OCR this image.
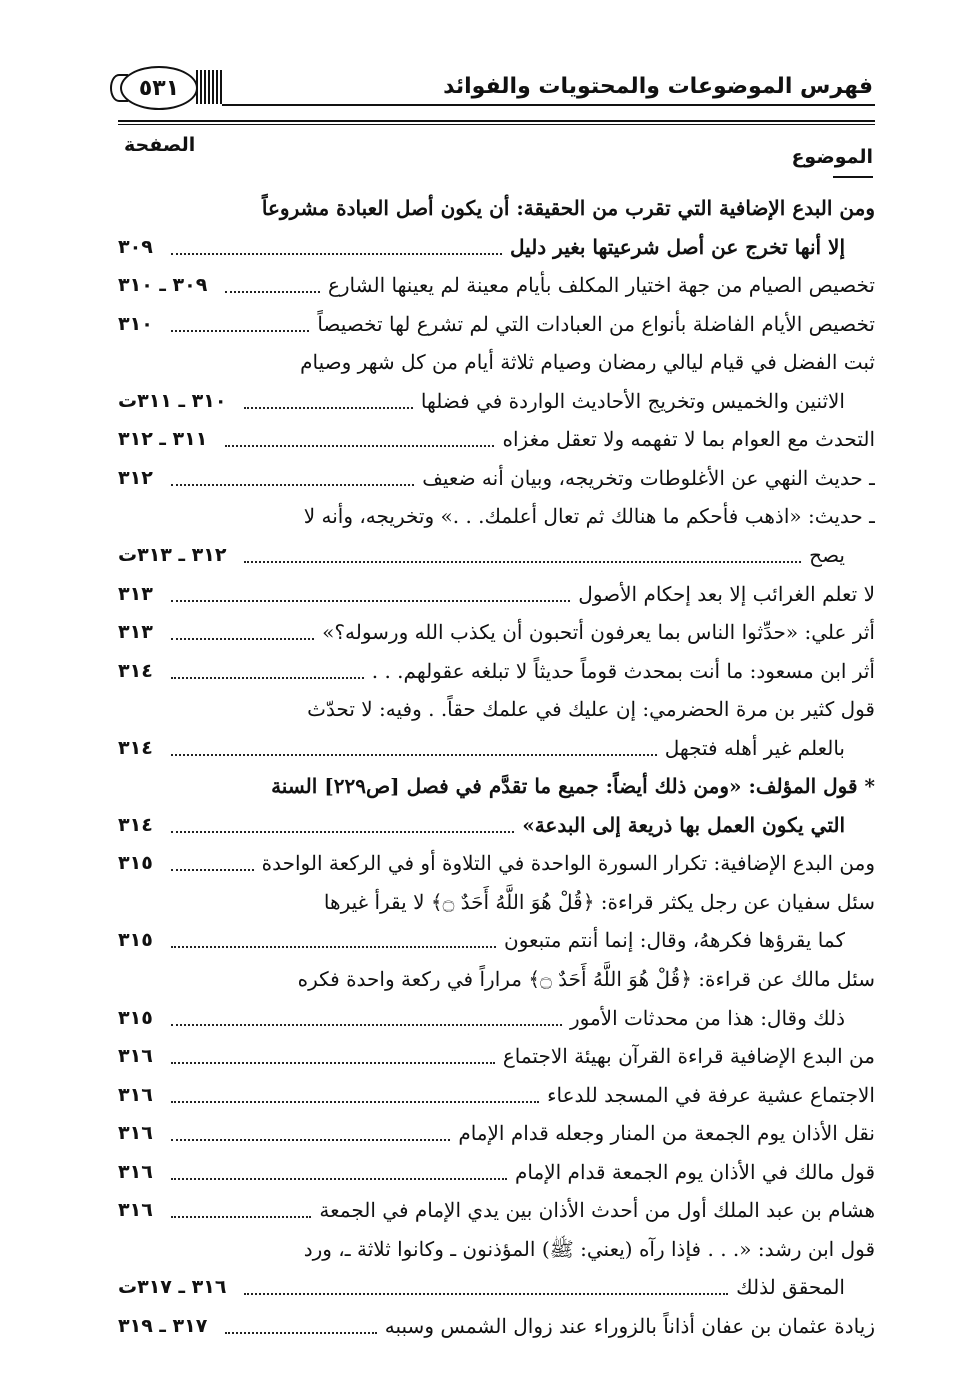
٥٣١	فهرس الموضوعات والمحتويات والفوائد
الموضوع
الصفحة
ومن البدع الإضافية التي تقرب من الحقيقة: أن يكون أصل العبادة مشروعاً
إلا أنها تخرج عن أصل شرعيتها بغير دليل
٣٠٩
تخصيص الصيام من جهة اختيار المكلف بأيام معينة لم يعينها الشارع
٣٠٩ ـ ٣١٠
تخصيص الأيام الفاضلة بأنواع من العبادات التي لم تشرع لها تخصيصاً
٣١٠
ثبت الفضل في قيام ليالي رمضان وصيام ثلاثة أيام من كل شهر وصيام
الاثنين والخميس وتخريج الأحاديث الواردة في فضلها
٣١٠ ـ ٣١١ت
التحدث مع العوام بما لا تفهمه ولا تعقل مغزاه
٣١١ ـ ٣١٢
ـ حديث النهي عن الأغلوطات وتخريجه، وبيان أنه ضعيف
٣١٢
ـ حديث: «اذهب فأحكم ما هنالك ثم تعال أعلمك. . .» وتخريجه، وأنه لا
يصح
٣١٢ ـ ٣١٣ت
لا تعلم الغرائب إلا بعد إحكام الأصول
٣١٣
أثر علي: «حدِّثوا الناس بما يعرفون أتحبون أن يكذب الله ورسوله؟»
٣١٣
أثر ابن مسعود: ما أنت بمحدث قوماً حديثاً لا تبلغه عقولهم. . .
٣١٤
قول كثير بن مرة الحضرمي: إن عليك في علمك حقاً. . وفيه: لا تحدّث
بالعلم غير أهله فتجهل
٣١٤
* قول المؤلف: «ومن ذلك أيضاً: جميع ما تقدَّم في فصل [ص٢٢٩] السنة
التي يكون العمل بها ذريعة إلى البدعة»
٣١٤
ومن البدع الإضافية: تكرار السورة الواحدة في التلاوة أو في الركعة الواحدة
٣١٥
سئل سفيان عن رجل يكثر قراءة: ﴿قُلْ هُوَ اللَّهُ أَحَدٌ ۝﴾ لا يقرأ غيرها
كما يقرؤها فكرههُ، وقال: إنما أنتم متبعون
٣١٥
سئل مالك عن قراءة: ﴿قُلْ هُوَ اللَّهُ أَحَدٌ ۝﴾ مراراً في ركعة واحدة فكره
ذلك وقال: هذا من محدثات الأمور
٣١٥
من البدع الإضافية قراءة القرآن بهيئة الاجتماع
٣١٦
الاجتماع عشية عرفة في المسجد للدعاء
٣١٦
نقل الأذان يوم الجمعة من المنار وجعله قدام الإمام
٣١٦
قول مالك في الأذان يوم الجمعة قدام الإمام
٣١٦
هشام بن عبد الملك أول من أحدث الأذان بين يدي الإمام في الجمعة
٣١٦
قول ابن رشد: «. . . فإذا رآه (يعني: ﷺ) المؤذنون ـ وكانوا ثلاثة ـ، ورد
المحقق لذلك
٣١٦ ـ ٣١٧ت
زيادة عثمان بن عفان أذاناً بالزوراء عند زوال الشمس وسببه
٣١٧ ـ ٣١٩
